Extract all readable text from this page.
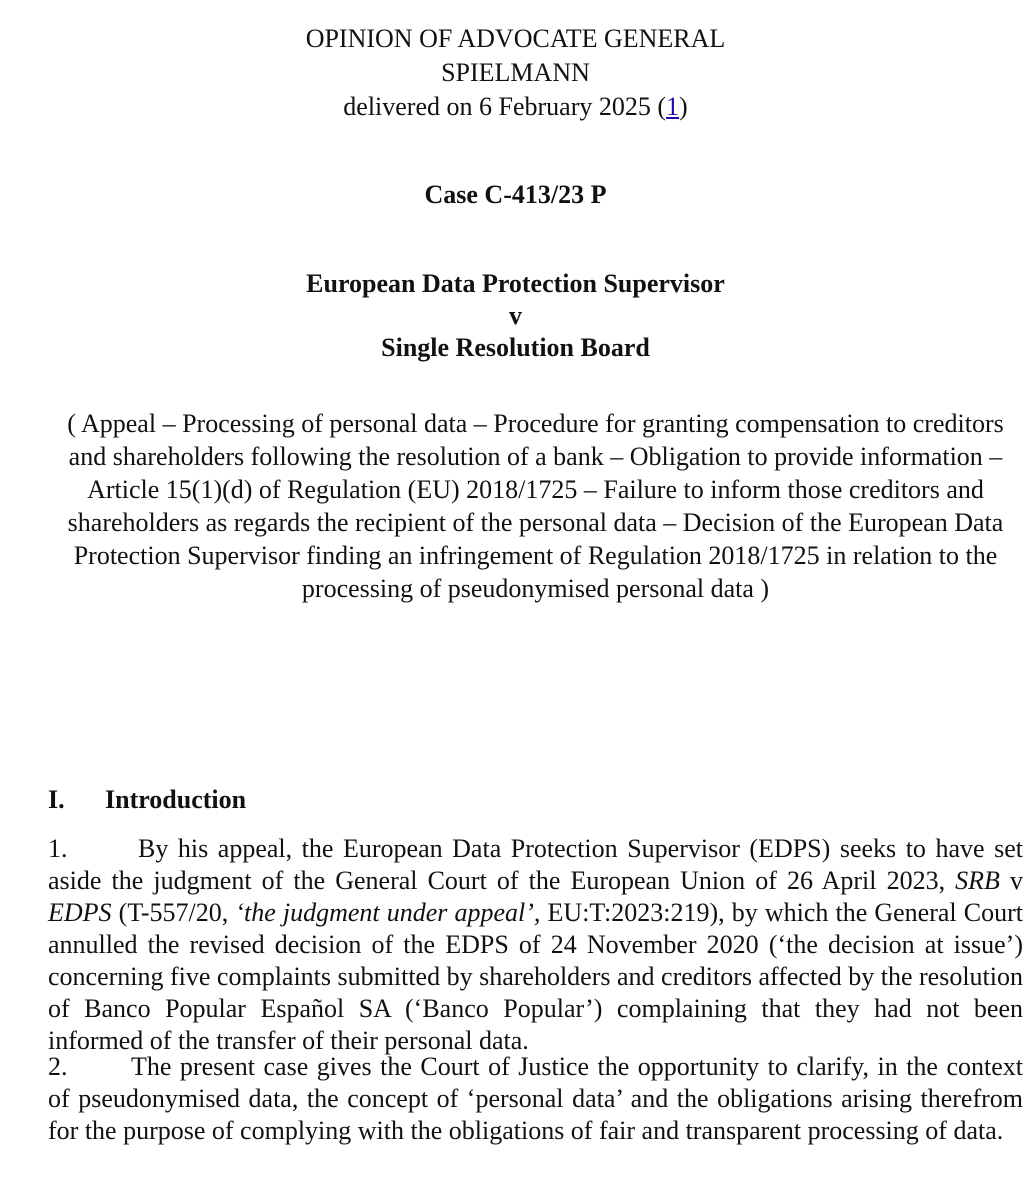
OPINION OF ADVOCATE GENERAL
SPIELMANN
delivered on 6 February 2025 (1)
Case C-413/23 P
European Data Protection Supervisor
v
Single Resolution Board
( Appeal – Processing of personal data – Procedure for granting compensation to creditors and shareholders following the resolution of a bank – Obligation to provide information – Article 15(1)(d) of Regulation (EU) 2018/1725 – Failure to inform those creditors and shareholders as regards the recipient of the personal data – Decision of the European Data Protection Supervisor finding an infringement of Regulation 2018/1725 in relation to the processing of pseudonymised personal data )
I. Introduction
1.	By his appeal, the European Data Protection Supervisor (EDPS) seeks to have set aside the judgment of the General Court of the European Union of 26 April 2023, SRB v EDPS (T-557/20, ‘the judgment under appeal’, EU:T:2023:219), by which the General Court annulled the revised decision of the EDPS of 24 November 2020 (‘the decision at issue’) concerning five complaints submitted by shareholders and creditors affected by the resolution of Banco Popular Español SA (‘Banco Popular’) complaining that they had not been informed of the transfer of their personal data.
2. The present case gives the Court of Justice the opportunity to clarify, in the context of pseudonymised data, the concept of ‘personal data’ and the obligations arising therefrom for the purpose of complying with the obligations of fair and transparent processing of data.
